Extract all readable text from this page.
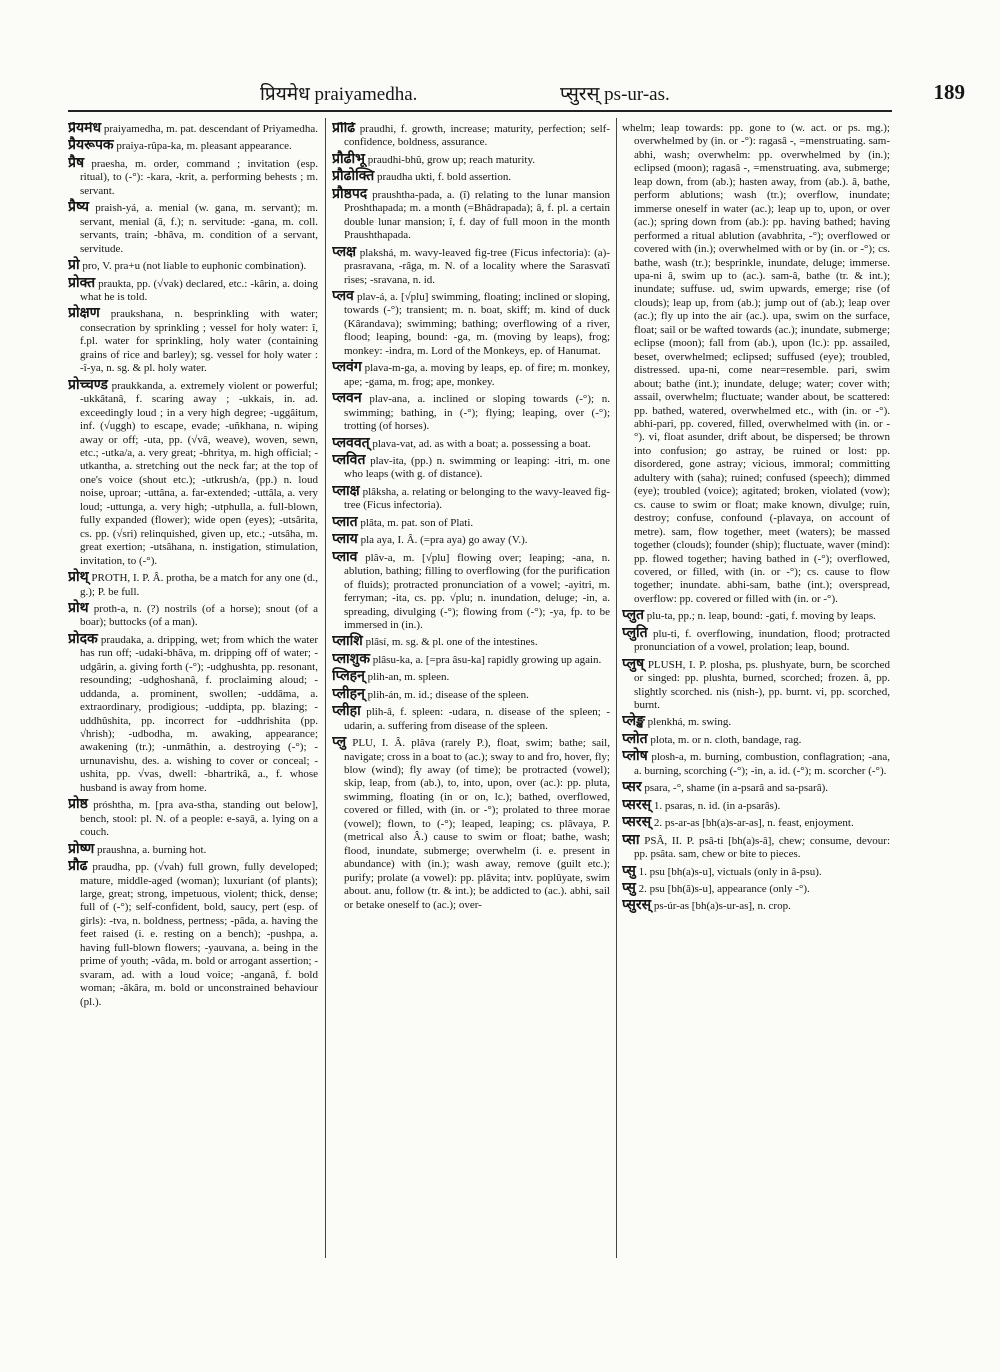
प्रियमेध praiyamedha.	प्सुरस् ps-ur-as.	189

प्रैयमेध praiyamedha, m. pat. descendant of Priyamedha.

प्रैयरूपक praiya-rûpa-ka, m. pleasant appearance.

प्रैष praesha, m. order, command ; invitation (esp. ritual), to (-°): -kara, -krit, a. performing behests ; m. servant.

प्रैष्य praish-yá, a. menial (w. gana, m. servant); m. servant, menial (â, f.); n. servitude: -gana, m. coll. servants, train; -bhâva, m. condition of a servant, servitude.

प्रो pro, V. pra+u (not liable to euphonic combination).

प्रोक्त praukta, pp. (√vak) declared, etc.: -kârin, a. doing what he is told.

प्रोक्षण praukshana, n. besprinkling with water; consecration by sprinkling ; vessel for holy water: î, f.pl. water for sprinkling, holy water (containing grains of rice and barley); sg. vessel for holy water : -î-ya, n. sg. & pl. holy water.

प्रोच्चण्ड praukkanda, a. extremely violent or powerful; -ukkâtanâ, f. scaring away ; -ukkais, in. ad. exceedingly loud ; in a very high degree; -uggâitum, inf. (√uggh) to escape, evade; -uñkhana, n. wiping away or off; -uta, pp. (√vâ, weave), woven, sewn, etc.; -utka/a, a. very great; -bhritya, m. high official; -utkantha, a. stretching out the neck far; at the top of one's voice (shout etc.); -utkrush/a, (pp.) n. loud noise, uproar; -uttâna, a. far-extended; -uttâla, a. very loud; -uttunga, a. very high; -utphulla, a. full-blown, fully expanded (flower); wide open (eyes); -utsârita, cs. pp. (√sri) relinquished, given up, etc.; -utsâha, m. great exertion; -utsâhana, n. instigation, stimulation, invitation, to (-°).

प्रोथ् PROTH, I. P. Â. protha, be a match for any one (d., g.); P. be full.

प्रोथ proth-a, n. (?) nostrils (of a horse); snout (of a boar); buttocks (of a man).

प्रोदक praudaka, a. dripping, wet; from which the water has run off; -udaki-bhâva, m. dripping off of water; -udgârin, a. giving forth (-°); -udghushta, pp. resonant, resounding; -udghoshanâ, f. proclaiming aloud; -uddanda, a. prominent, swollen; -uddâma, a. extraordinary, prodigious; -uddipta, pp. blazing; -uddhûshita, pp. incorrect for -uddhrishita (pp. √hrish); -udbodha, m. awaking, appearance; awakening (tr.); -unmâthin, a. destroying (-°); -urnunavishu, des. a. wishing to cover or conceal; -ushita, pp. √vas, dwell: -bhartrikâ, a., f. whose husband is away from home.

प्रोष्ठ próshtha, m. [pra ava-stha, standing out below], bench, stool: pl. N. of a people: e-sayâ, a. lying on a couch.

प्रोष्ण praushna, a. burning hot.

प्रौढ praudha, pp. (√vah) full grown, fully developed; mature, middle-aged (woman); luxuriant (of plants); large, great; strong, impetuous, violent; thick, dense; full of (-°); self-confident, bold, saucy, pert (esp. of girls): -tva, n. boldness, pertness; -pâda, a. having the feet raised (i. e. resting on a bench); -pushpa, a. having full-blown flowers; -yauvana, a. being in the prime of youth; -vâda, m. bold or arrogant assertion; -svaram, ad. with a loud voice; -anganâ, f. bold woman; -âkâra, m. bold or unconstrained behaviour (pl.).

प्रौढि praudhi, f. growth, increase; maturity, perfection; self-confidence, boldness, assurance.

प्रौढीभू praudhi-bhû, grow up; reach maturity.

प्रौढोक्ति praudha ukti, f. bold assertion.

प्रौष्ठपद praushtha-pada, a. (î) relating to the lunar mansion Proshthapada; m. a month (=Bhâdrapada); â, f. pl. a certain double lunar mansion; î, f. day of full moon in the month Praushthapada.

प्लक्ष plakshá, m. wavy-leaved fig-tree (Ficus infectoria): (a)-prasravana, -râga, m. N. of a locality where the Sarasvatî rises; -sravana, n. id.

प्लव plav-á, a. [√plu] swimming, floating; inclined or sloping, towards (-°); transient; m. n. boat, skiff; m. kind of duck (Kârandava); swimming; bathing; overflowing of a river, flood; leaping, bound: -ga, m. (moving by leaps), frog; monkey: -indra, m. Lord of the Monkeys, ep. of Hanumat.

प्लवंग plava-m-ga, a. moving by leaps, ep. of fire; m. monkey, ape; -gama, m. frog; ape, monkey.

प्लवन plav-ana, a. inclined or sloping towards (-°); n. swimming; bathing, in (-°); flying; leaping, over (-°); trotting (of horses).

प्लववत् plava-vat, ad. as with a boat; a. possessing a boat.

प्लवित plav-ita, (pp.) n. swimming or leaping: -itri, m. one who leaps (with g. of distance).

प्लाक्ष plâksha, a. relating or belonging to the wavy-leaved fig-tree (Ficus infectoria).

प्लात plâta, m. pat. son of Plati.

प्लाय pla aya, I. Â. (=pra aya) go away (V.).

प्लाव plâv-a, m. [√plu] flowing over; leaping; -ana, n. ablution, bathing; filling to overflowing (for the purification of fluids); protracted pronunciation of a vowel; -ayitri, m. ferryman; -ita, cs. pp. √plu; n. inundation, deluge; -in, a. spreading, divulging (-°); flowing from (-°); -ya, fp. to be immersed in (in.).

प्लाशि plâsí, m. sg. & pl. one of the intestines.

प्लाशुक plâsu-ka, a. [=pra âsu-ka] rapidly growing up again.

प्लिहन् plih-an, m. spleen.

प्लीहन् plih-án, m. id.; disease of the spleen.

प्लीहा plih-â, f. spleen: -udara, n. disease of the spleen; -udarin, a. suffering from disease of the spleen.

प्लु PLU, I. Â. plâva (rarely P.), float, swim; bathe; sail, navigate; cross in a boat to (ac.); sway to and fro, hover, fly; blow (wind); fly away (of time); be protracted (vowel); skip, leap, from (ab.), to, into, upon, over (ac.): pp. pluta, swimming, floating (in or on, lc.); bathed, overflowed, covered or filled, with (in. or -°); prolated to three morae (vowel); flown, to (-°); leaped, leaping; cs. plâvaya, P. (metrical also Â.) cause to swim or float; bathe, wash; flood, inundate, submerge; overwhelm (i. e. present in abundance) with (in.); wash away, remove (guilt etc.); purify; prolate (a vowel): pp. plâvita; intv. poplûyate, swim about. anu, follow (tr. & int.); be addicted to (ac.). abhi, sail or betake oneself to (ac.); over-

whelm; leap towards: pp. gone to (w. act. or ps. mg.); overwhelmed by (in. or -°): ragasâ -, =menstruating. sam-abhi, wash; overwhelm: pp. overwhelmed by (in.); eclipsed (moon); ragasâ -, =menstruating. ava, submerge; leap down, from (ab.); hasten away, from (ab.). â, bathe, perform ablutions; wash (tr.); overflow, inundate; immerse oneself in water (ac.); leap up to, upon, or over (ac.); spring down from (ab.): pp. having bathed; having performed a ritual ablution (avabhrita, -°); overflowed or covered with (in.); overwhelmed with or by (in. or -°); cs. bathe, wash (tr.); besprinkle, inundate, deluge; immerse. upa-ni â, swim up to (ac.). sam-â, bathe (tr. & int.); inundate; suffuse. ud, swim upwards, emerge; rise (of clouds); leap up, from (ab.); jump out of (ab.); leap over (ac.); fly up into the air (ac.). upa, swim on the surface, float; sail or be wafted towards (ac.); inundate, submerge; eclipse (moon); fall from (ab.), upon (lc.): pp. assailed, beset, overwhelmed; eclipsed; suffused (eye); troubled, distressed. upa-ni, come near=resemble. pari, swim about; bathe (int.); inundate, deluge; water; cover with; assail, overwhelm; fluctuate; wander about, be scattered: pp. bathed, watered, overwhelmed etc., with (in. or -°). abhi-pari, pp. covered, filled, overwhelmed with (in. or -°). vi, float asunder, drift about, be dispersed; be thrown into confusion; go astray, be ruined or lost: pp. disordered, gone astray; vicious, immoral; committing adultery with (saha); ruined; confused (speech); dimmed (eye); troubled (voice); agitated; broken, violated (vow); cs. cause to swim or float; make known, divulge; ruin, destroy; confuse, confound (-plavaya, on account of metre). sam, flow together, meet (waters); be massed together (clouds); founder (ship); fluctuate, waver (mind): pp. flowed together; having bathed in (-°); overflowed, covered, or filled, with (in. or -°); cs. cause to flow together; inundate. abhi-sam, bathe (int.); overspread, overflow: pp. covered or filled with (in. or -°).

प्लुत plu-ta, pp.; n. leap, bound: -gati, f. moving by leaps.

प्लुति plu-ti, f. overflowing, inundation, flood; protracted pronunciation of a vowel, prolation; leap, bound.

प्लुष् PLUSH, I. P. plosha, ps. plushyate, burn, be scorched or singed: pp. plushta, burned, scorched; frozen. â, pp. slightly scorched. nis (nish-), pp. burnt. vi, pp. scorched, burnt.

प्लेङ्ख plenkhá, m. swing.

प्लोत plota, m. or n. cloth, bandage, rag.

प्लोष plosh-a, m. burning, combustion, conflagration; -ana, a. burning, scorching (-°); -in, a. id. (-°); m. scorcher (-°).

प्सर psara, -°, shame (in a-psarâ and sa-psarâ).

प्सरस् 1. psaras, n. id. (in a-psarâs).

प्सरस् 2. ps-ar-as [bh(a)s-ar-as], n. feast, enjoyment.

प्सा PSÂ, II. P. psâ-ti [bh(a)s-â], chew; consume, devour: pp. psâta. sam, chew or bite to pieces.

प्सु 1. psu [bh(a)s-u], victuals (only in â-psu).

प्सु 2. psu [bh(â)s-u], appearance (only -°).

प्सुरस् ps-úr-as [bh(a)s-ur-as], n. crop.
